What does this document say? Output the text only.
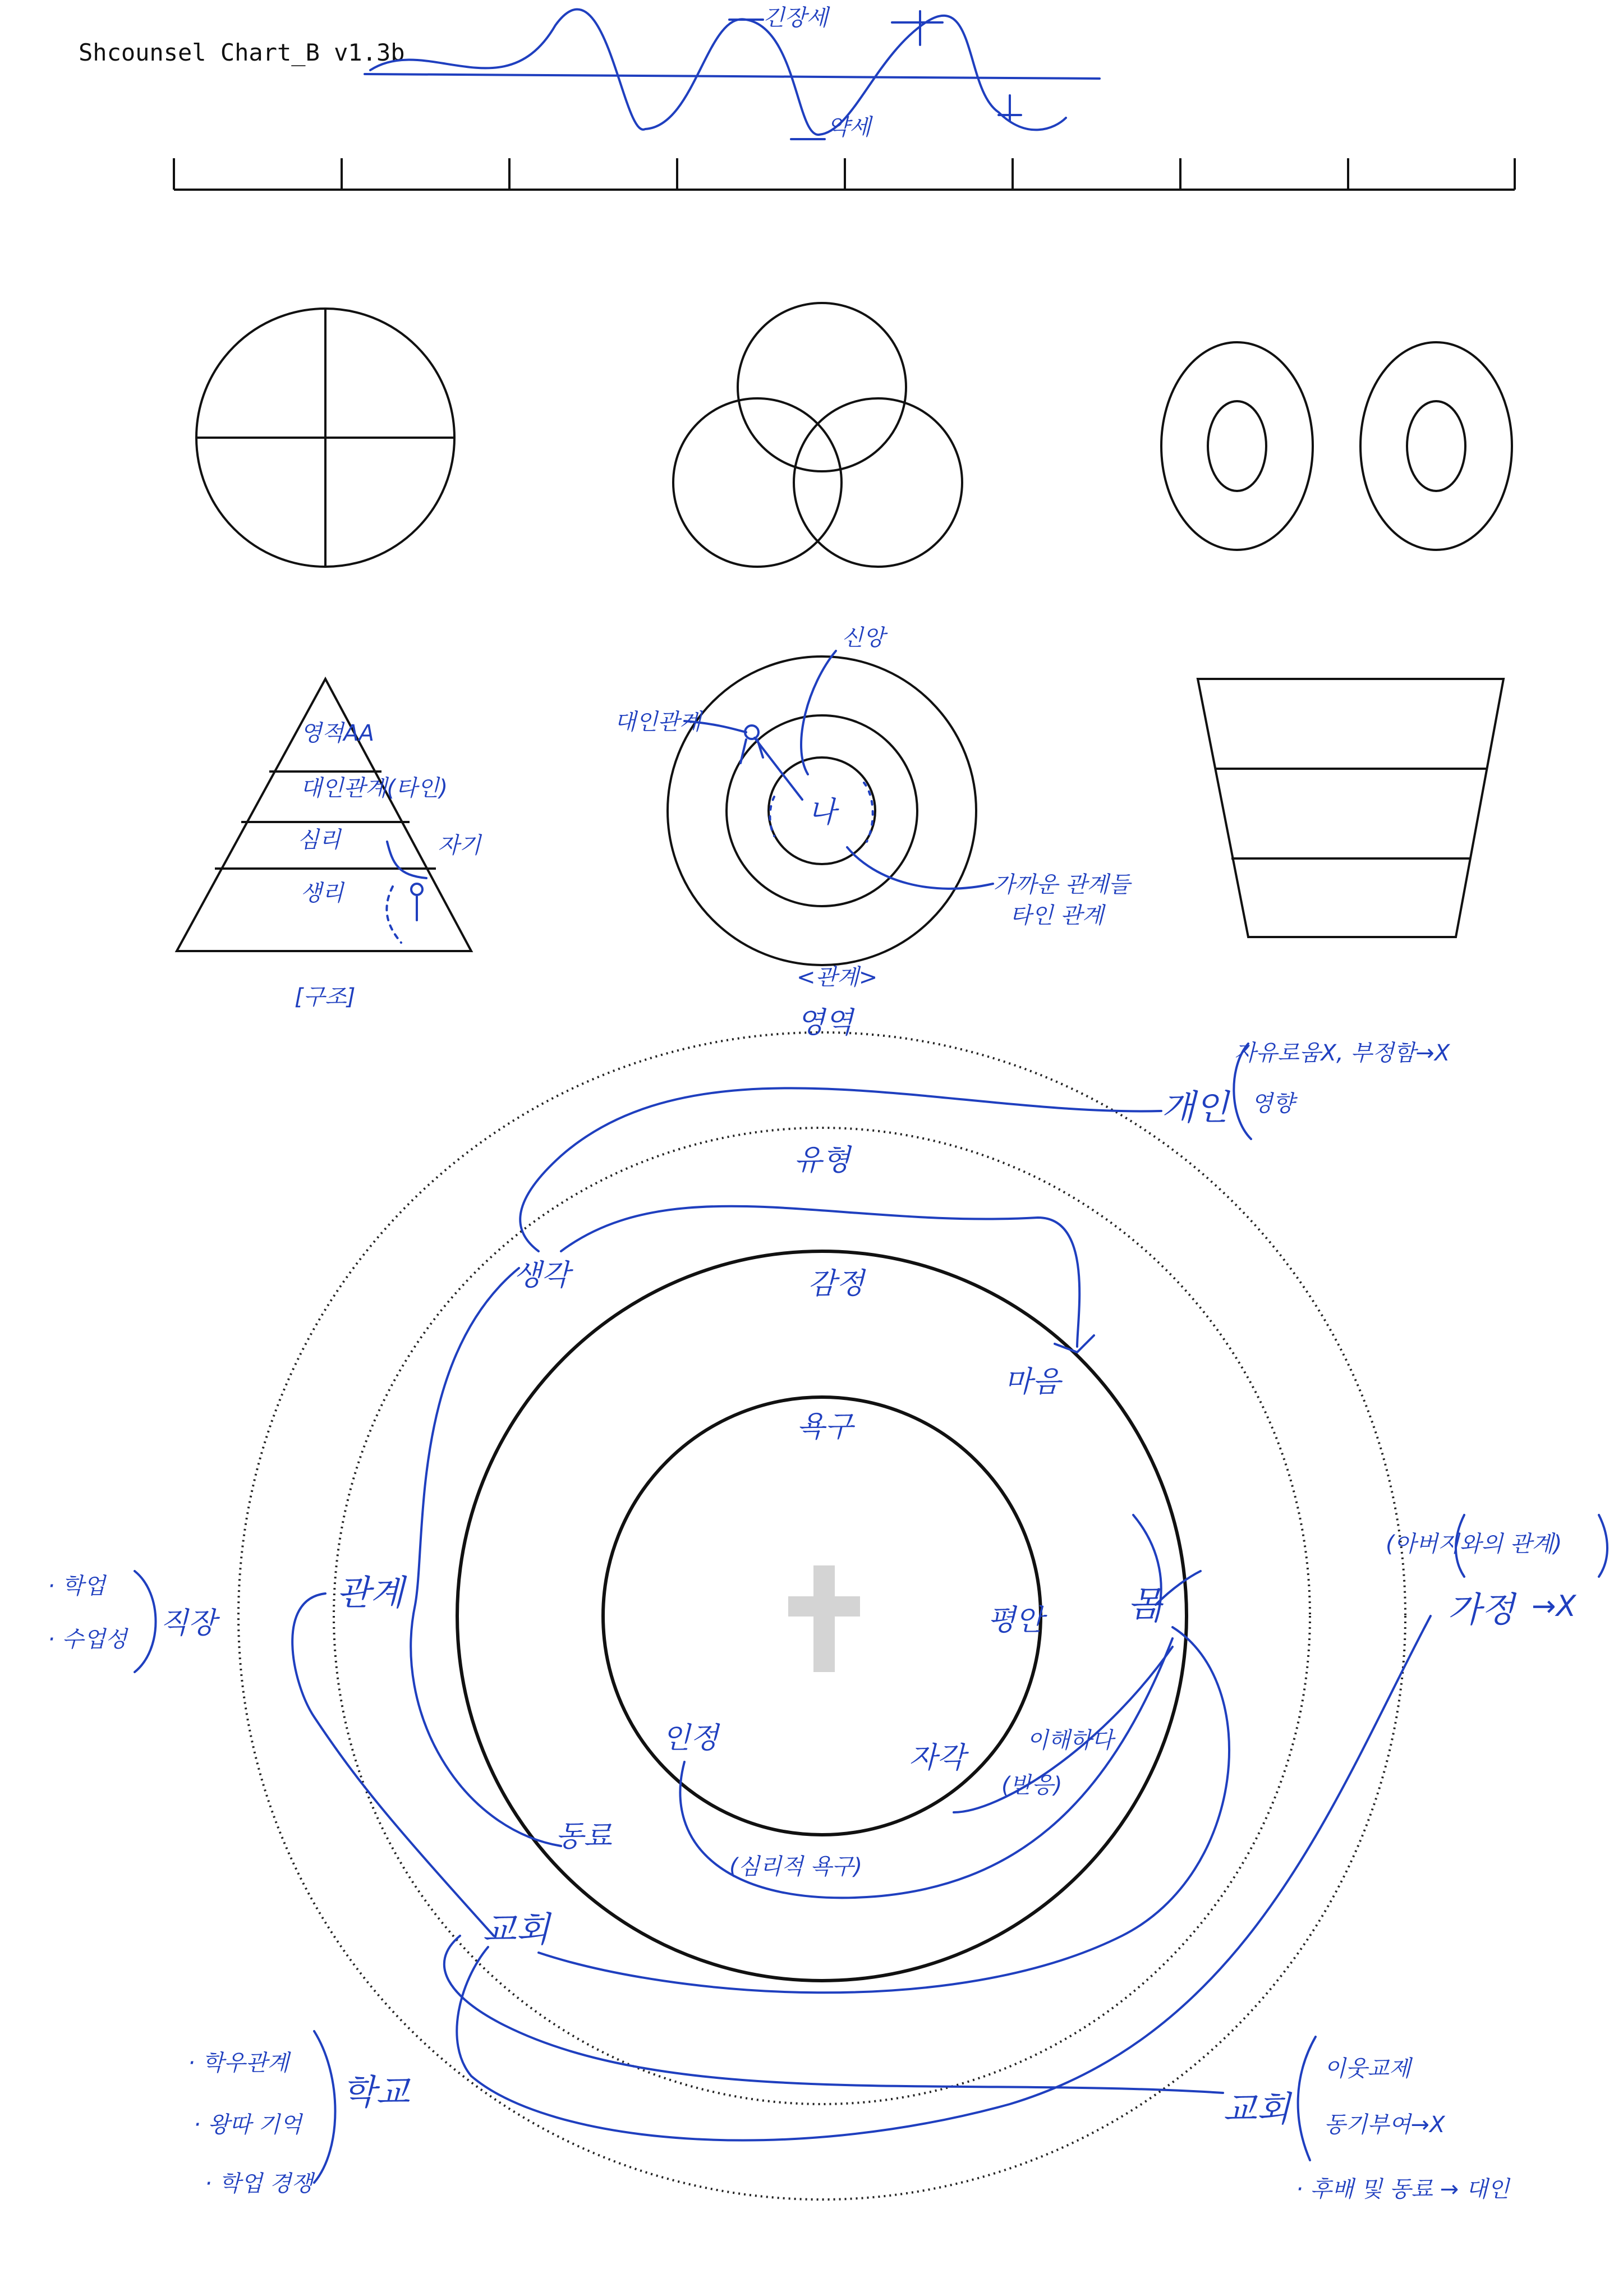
Shcounsel Chart_B v1.3b
긴장세
약세
영적AA
대인관계(타인)
심리
생리
자기
[구조]
나
대인관계
신앙
가까운 관계들
타인 관계
<관계>
영역
유형
감정
욕구
인정
평안
자각
몸
마음
생각
관계
동료
교회
(심리적 욕구)
이해하다
(반응)
개인
자유로움X, 부정함→X
영향
(아버지와의 관계)
가정 →X
직장
· 학업
· 수업성
학교
· 학우관계
· 왕따 기억
· 학업 경쟁
교회
이웃교제
동기부여→X
· 후배 및 동료 → 대인
